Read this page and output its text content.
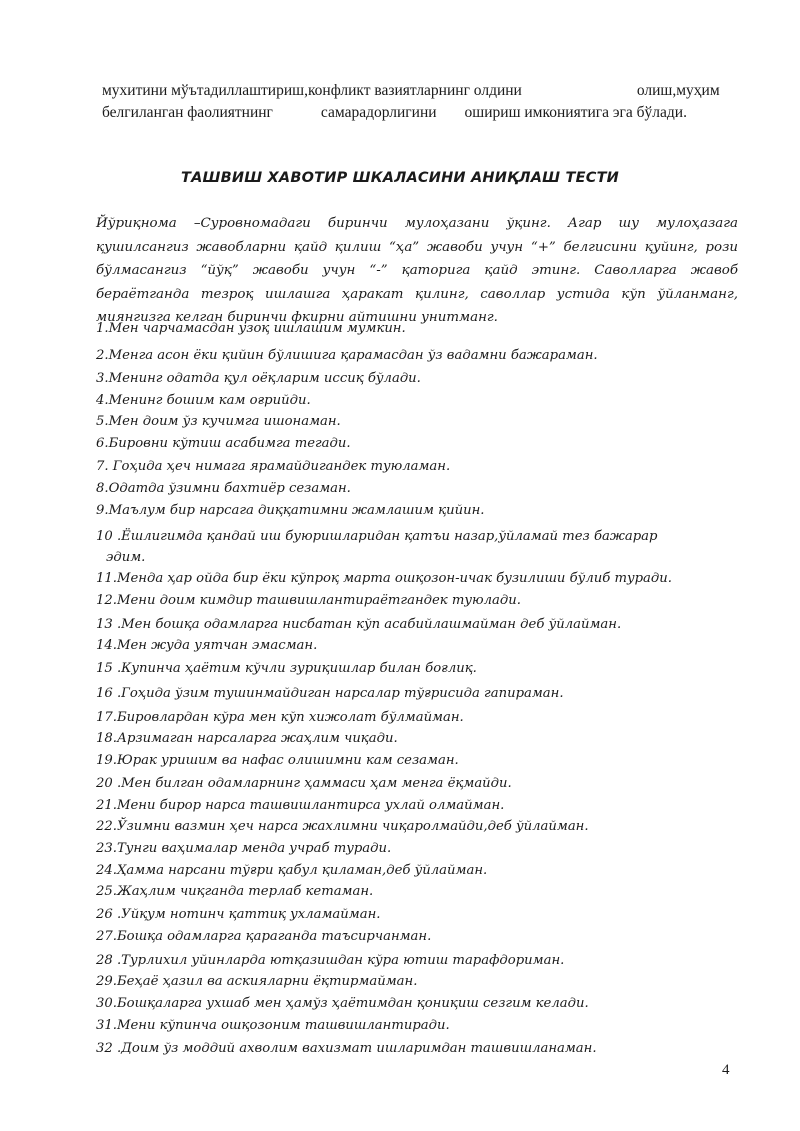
мухитини мўътадиллаштириш,конфликт вазиятларнинг олдини	олиш,муҳим
белгиланган фаолиятнинг	самарадорлигини ошириш имкониятига эга бўлади.
ТАШВИШ ХАВОТИР ШКАЛАСИНИ АНИҚЛАШ ТЕСТИ
Йўриқнома –Суровномадаги биринчи мулоҳазани ўқинг. Агар шу мулоҳазага қушилсангиз жавобларни қайд қилиш “ҳа” жавоби учун “+” белгисини қуйинг, рози бўлмасангиз “йўқ” жавоби учун “-” қаторига қайд этинг. Саволларга жавоб бераётганда тезроқ ишлашга ҳаракат қилинг, саволлар устида кўп ўйланманг, миянгизга келган биринчи фкирни айтишни унитманг.
1.Мен чарчамасдан узоқ ишлашим мумкин.
2.Менга асон ёки қийин бўлишига қарамасдан ўз вадамни бажараман.
3.Менинг одатда қул оёқларим иссиқ бўлади.
4.Менинг бошим кам оғрийди.
5.Мен доим ўз кучимга ишонаман.
6.Бировни кўтиш асабимга тегади.
7. Гоҳида ҳеч нимага ярамайдигандек туюламан.
8.Одатда ўзимни бахтиёр сезаман.
9.Маълум бир нарсага диққатимни жамлашим қийин.
10 .Ёшлигимда қандай иш буюришларидан қатъи назар,ўйламай тез бажарар
эдим.
11.Менда ҳар ойда бир ёки кўпроқ марта ошқозон-ичак бузилиши бўлиб туради.
12.Мени доим кимдир ташвишлантираётгандек туюлади.
13 .Мен бошқа одамларга нисбатан кўп асабийлашмайман деб ўйлайман.
14.Мен жуда уятчан эмасман.
15 .Купинча ҳаётим кўчли зуриқишлар билан боғлиқ.
16 .Гоҳида ўзим тушинмайдиган нарсалар тўғрисида гапираман.
17.Бировлардан кўра мен кўп хижолат бўлмайман.
18.Арзимаган нарсаларга жаҳлим чиқади.
19.Юрак уришим ва нафас олишимни кам сезаман.
20 .Мен билган одамларнинг ҳаммаси ҳам менга ёқмайди.
21.Мени бирор нарса ташвишлантирса ухлай олмайман.
22.Ўзимни вазмин ҳеч нарса жахлимни чиқаролмайди,деб ўйлайман.
23.Тунги ваҳималар менда учраб туради.
24.Ҳамма нарсани тўғри қабул қиламан,деб ўйлайман.
25.Жаҳлим чиқганда терлаб кетаман.
26 .Уйқум нотинч қаттиқ ухламайман.
27.Бошқа одамларга қараганда таъсирчанман.
28 .Турлихил уйинларда ютқазишдан кўра ютиш тарафдориман.
29.Беҳаё ҳазил ва аскияларни ёқтирмайман.
30.Бошқаларга ухшаб мен ҳамўз ҳаётимдан қониқиш сезгим келади.
31.Мени кўпинча ошқозоним ташвишлантиради.
32 .Доим ўз моддий ахволим вахизмат ишларимдан ташвишланаман.
4
